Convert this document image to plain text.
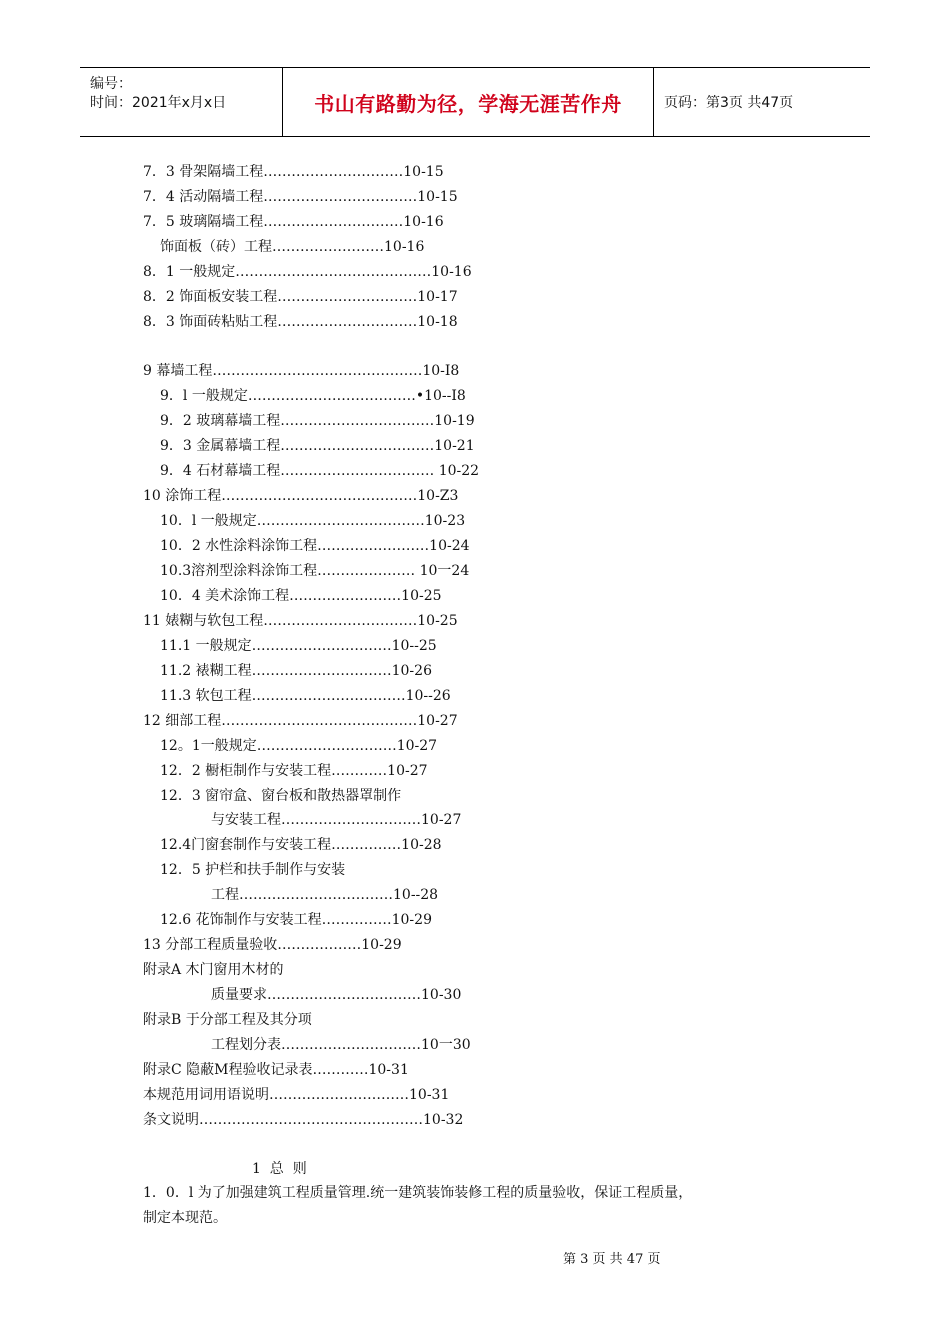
编号：
时间：2021年x月x日	书山有路勤为径，学海无涯苦作舟	页码：第3页 共47页
7．3 骨架隔墙工程…………………………10-15
7．4 活动隔墙工程……………………………10-15
7．5 玻璃隔墙工程…………………………10-16
饰面板（砖）工程……………………10-16
8．1 一般规定……………………………………10-16
8．2 饰面板安装工程…………………………10-17
8．3 饰面砖粘贴工程…………………………10-18
9 幕墙工程………………………………………10-I8
9．l 一般规定………………………………•10--I8
9．2 玻璃幕墙工程……………………………10-19
9．3 金属幕墙工程……………………………10-21
9．4 石材幕墙工程…………………………… 10-22
10 涂饰工程……………………………………10-Z3
10．l 一般规定………………………………10-23
10．2 水性涂料涂饰工程……………………10-24
10.3溶剂型涂料涂饰工程………………… 10一24
10．4 美术涂饰工程……………………10-25
11 婊糊与软包工程……………………………10-25
11.1 一般规定…………………………10--25
11.2 裱糊工程…………………………10-26
11.3 软包工程……………………………10--26
12 细部工程……………………………………10-27
12。1一般规定…………………………10-27
12．2 橱柜制作与安装工程…………10-27
12．3 窗帘盒、窗台板和散热器罩制作
与安装工程…………………………10-27
12.4门窗套制作与安装工程……………10-28
12．5 护栏和扶手制作与安装
工程……………………………10--28
12.6 花饰制作与安装工程……………10-29
13 分部工程质量验收………………10-29
附录A 木门窗用木材的
质量要求……………………………10-30
附录B 于分部工程及其分项
工程划分表…………………………10一30
附录C 隐蔽M程验收记录表…………10-31
本规范用词用语说明…………………………10-31
条文说明…………………………………………10-32
1  总  则
1．0．l 为了加强建筑工程质量管理.统一建筑装饰装修工程的质量验收，保证工程质量，
制定本现范。
第 3 页 共 47 页
